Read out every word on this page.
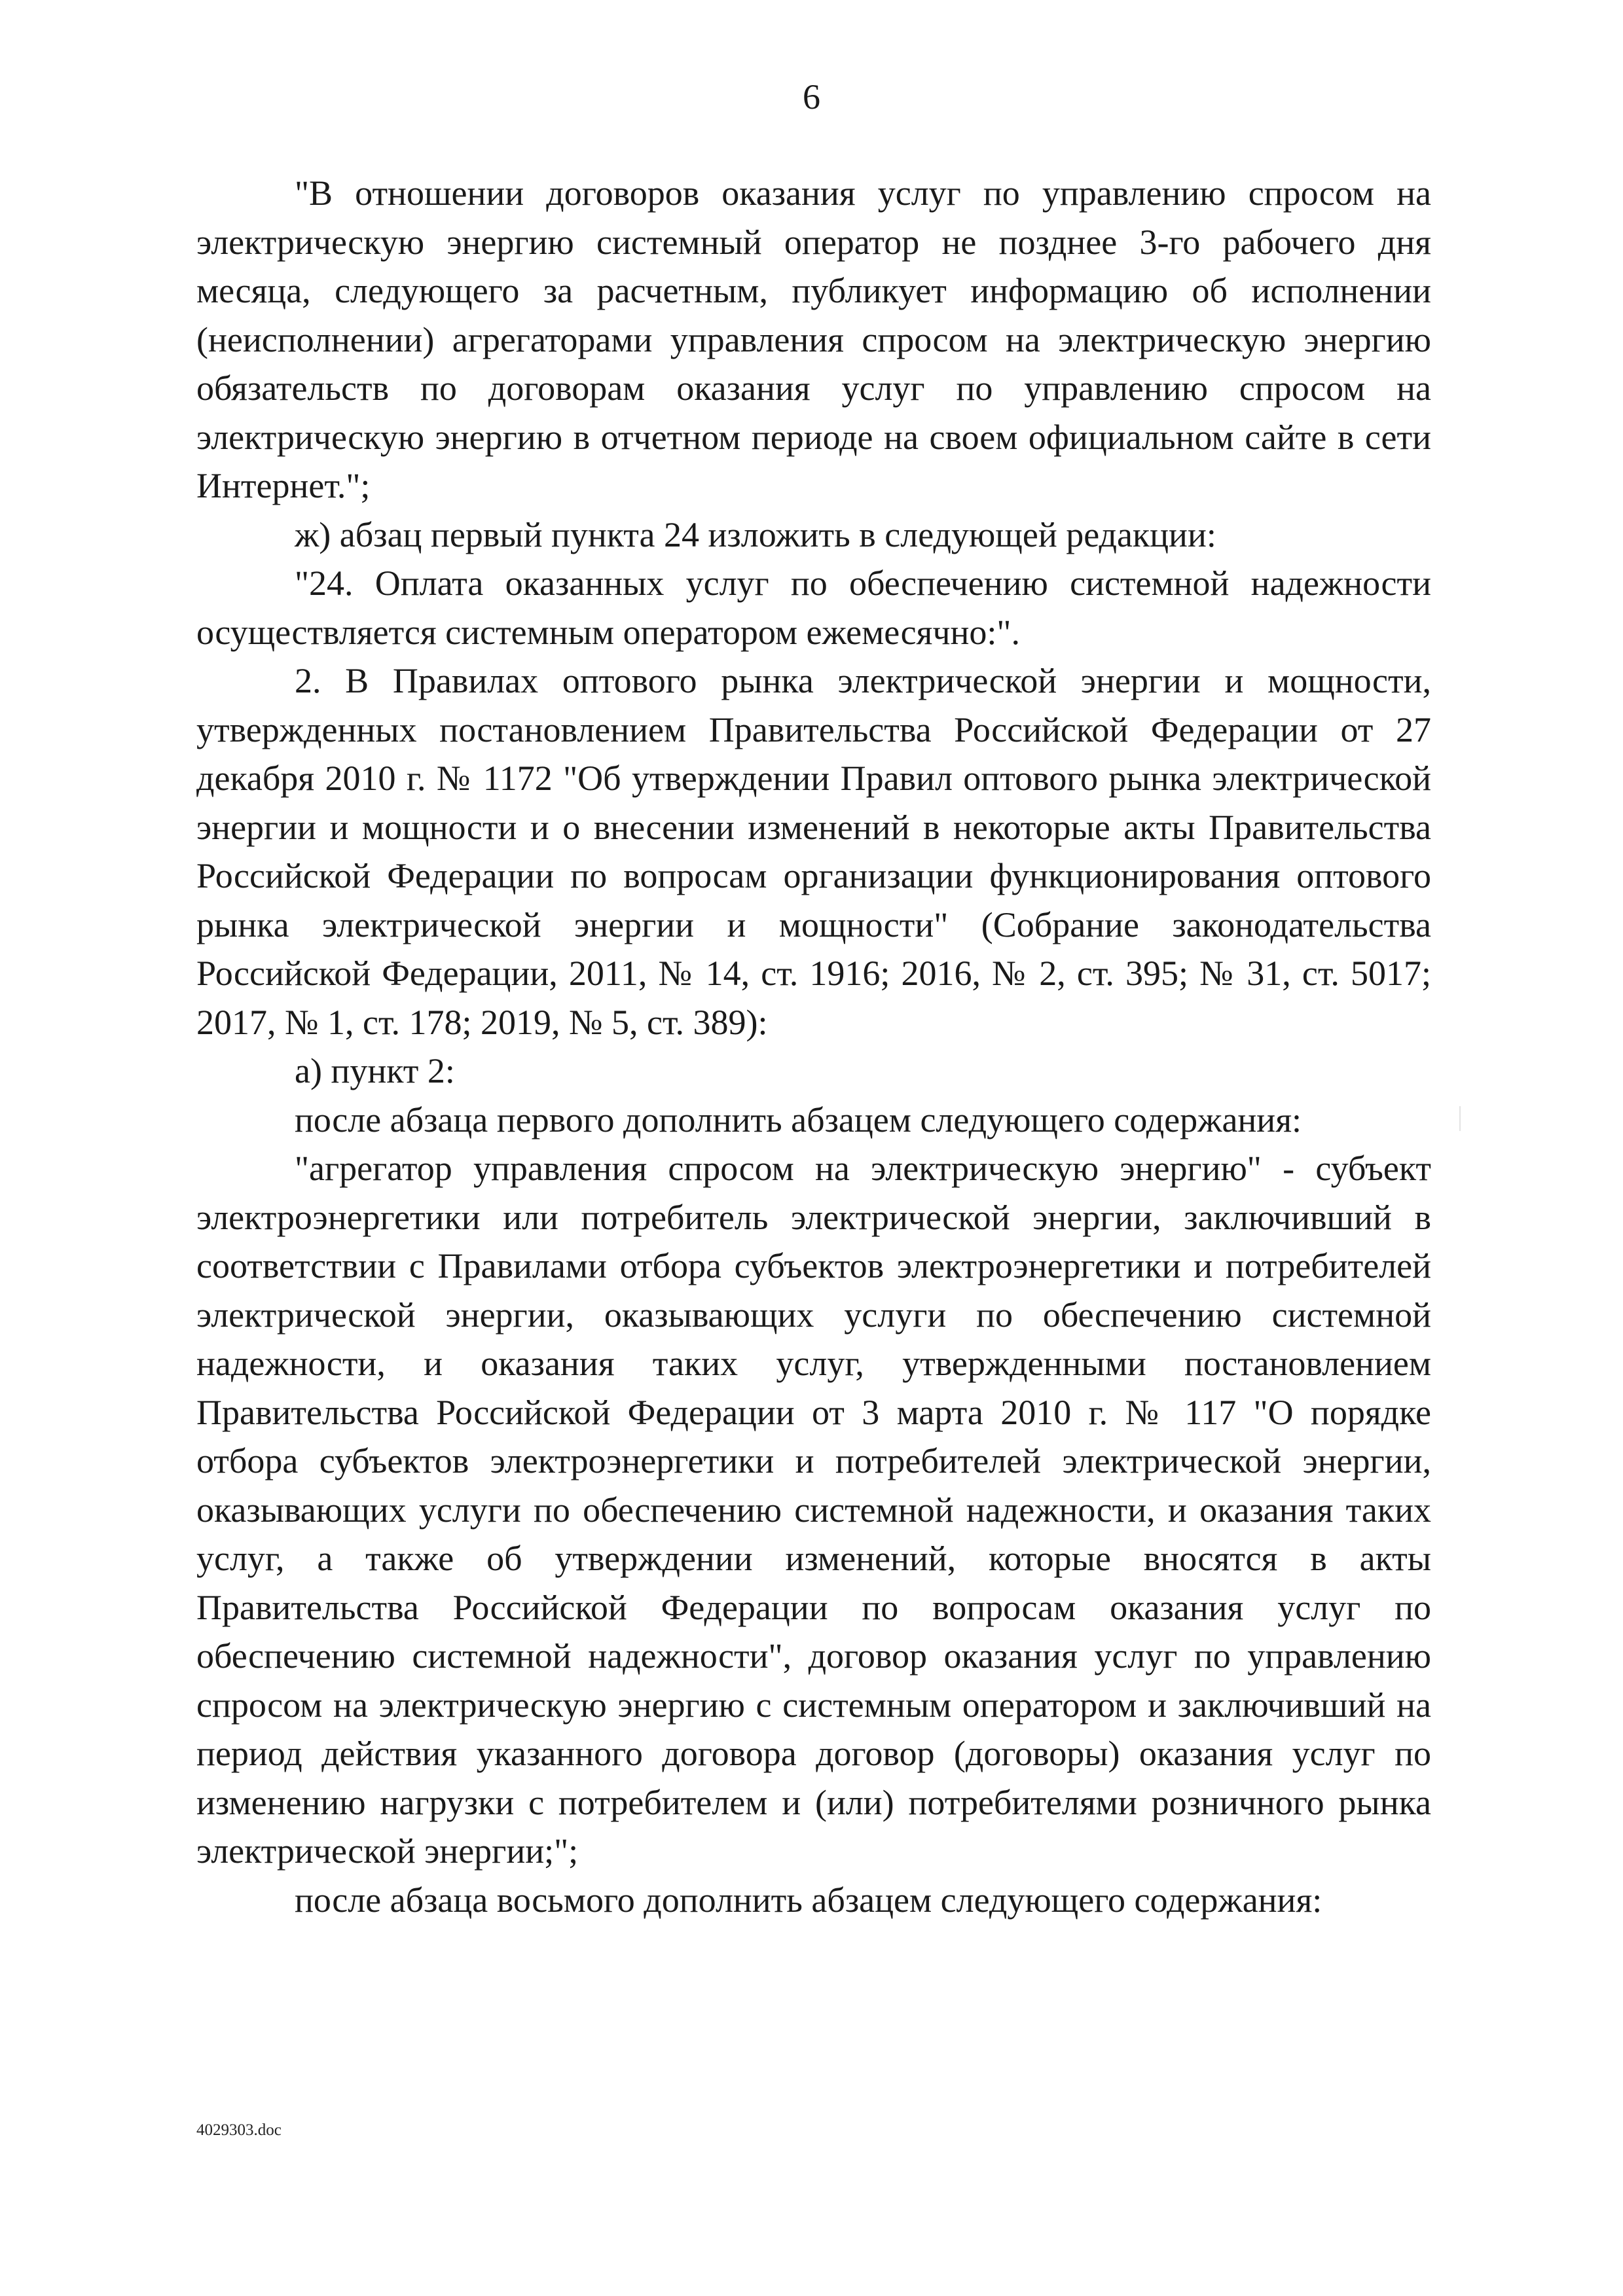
6

"В отношении договоров оказания услуг по управлению спросом на электрическую энергию системный оператор не позднее 3-го рабочего дня месяца, следующего за расчетным, публикует информацию об исполнении (неисполнении) агрегаторами управления спросом на электрическую энергию обязательств по договорам оказания услуг по управлению спросом на электрическую энергию в отчетном периоде на своем официальном сайте в сети Интернет.";

ж) абзац первый пункта 24 изложить в следующей редакции:

"24. Оплата оказанных услуг по обеспечению системной надежности осуществляется системным оператором ежемесячно:".

2. В Правилах оптового рынка электрической энергии и мощности, утвержденных постановлением Правительства Российской Федерации от 27 декабря 2010 г. № 1172 "Об утверждении Правил оптового рынка электрической энергии и мощности и о внесении изменений в некоторые акты Правительства Российской Федерации по вопросам организации функционирования оптового рынка электрической энергии и мощности" (Собрание законодательства Российской Федерации, 2011, № 14, ст. 1916; 2016, № 2, ст. 395; № 31, ст. 5017; 2017, № 1, ст. 178; 2019, № 5, ст. 389):

а) пункт 2:

после абзаца первого дополнить абзацем следующего содержания:

"агрегатор управления спросом на электрическую энергию" - субъект электроэнергетики или потребитель электрической энергии, заключивший в соответствии с Правилами отбора субъектов электроэнергетики и потребителей электрической энергии, оказывающих услуги по обеспечению системной надежности, и оказания таких услуг, утвержденными постановлением Правительства Российской Федерации от 3 марта 2010 г. № 117 "О порядке отбора субъектов электроэнергетики и потребителей электрической энергии, оказывающих услуги по обеспечению системной надежности, и оказания таких услуг, а также об утверждении изменений, которые вносятся в акты Правительства Российской Федерации по вопросам оказания услуг по обеспечению системной надежности", договор оказания услуг по управлению спросом на электрическую энергию с системным оператором и заключивший на период действия указанного договора договор (договоры) оказания услуг по изменению нагрузки с потребителем и (или) потребителями розничного рынка электрической энергии;";

после абзаца восьмого дополнить абзацем следующего содержания:

4029303.doc
